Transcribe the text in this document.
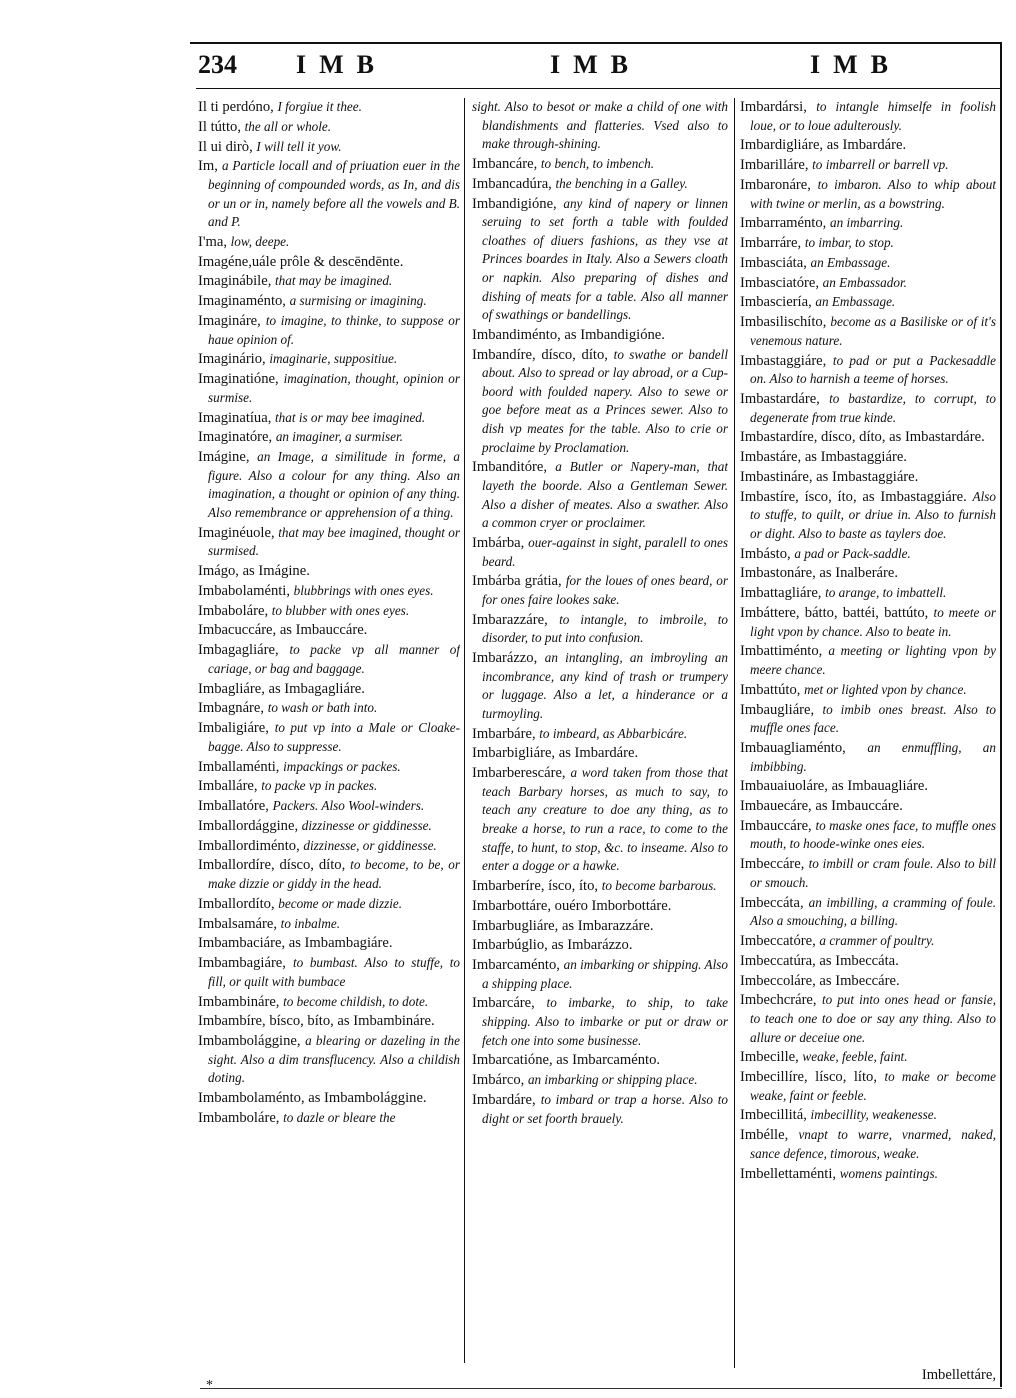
234 IMB	IMB	IMB
Il ti perdóno, I forgiue it thee.
Il tútto, the all or whole.
Il ui dirò, I will tell it yow.
Im, a Particle locall and of priuation euer in the beginning of compounded words, as In, and dis or un or in, namely before all the vowels and B. and P.
I'ma, low, deepe.
Imagéne,uále prôle & descēndēnte.
Imaginábile, that may be imagined.
Imaginaménto, a surmising or imagining.
Imagináre, to imagine, to thinke, to suppose or haue opinion of.
Imaginário, imaginarie, suppositiue.
Imaginatióne, imagination, thought, opinion or surmise.
Imaginatíua, that is or may bee imagined.
Imaginatóre, an imaginer, a surmiser.
Imágine, an Image, a similitude in forme, a figure. Also a colour for any thing. Also an imagination, a thought or opinion of any thing. Also remembrance or apprehension of a thing.
Imaginéuole, that may bee imagined, thought or surmised.
Imágo, as Imágine.
Imbabolaménti, blubbrings with ones eyes.
Imbaboláre, to blubber with ones eyes.
Imbacuccáre, as Imbauccáre.
Imbagagliáre, to packe vp all manner of cariage, or bag and baggage.
Imbagliáre, as Imbagagliáre.
Imbagnáre, to wash or bath into.
Imbaligiáre, to put vp into a Male or Cloake-bagge. Also to suppresse.
Imballaménti, impackings or packes.
Imballáre, to packe vp in packes.
Imballatóre, Packers. Also Wool-winders.
Imballordággine, dizzinesse or giddinesse.
Imballordiménto, dizzinesse, or giddinesse.
Imballordíre, dísco, díto, to become, to be, or make dizzie or giddy in the head.
Imballordíto, become or made dizzie.
Imbalsamáre, to inbalme.
Imbambaciáre, as Imbambagiáre.
Imbambagiáre, to bumbast. Also to stuffe, to fill, or quilt with bumbace
Imbambináre, to become childish, to dote.
Imbambíre, bísco, bíto, as Imbambináre.
Imbambolággine, a blearing or dazeling in the sight. Also a dim transflucency. Also a childish doting.
Imbambolaménto, as Imbambolággine.
Imbamboláre, to dazle or bleare the
sight. Also to besot or make a child of one with blandishments and flatteries. Vsed also to make through-shining.
Imbancáre, to bench, to imbench.
Imbancadúra, the benching in a Galley.
Imbandigióne, any kind of napery or linnen seruing to set forth a table with foulded cloathes of diuers fashions, as they vse at Princes boardes in Italy. Also a Sewers cloath or napkin. Also preparing of dishes and dishing of meats for a table. Also all manner of swathings or bandellings.
Imbandiménto, as Imbandigióne.
Imbandíre, dísco, díto, to swathe or bandell about. Also to spread or lay abroad, or a Cup-boord with foulded napery. Also to sewe or goe before meat as a Princes sewer. Also to dish vp meates for the table. Also to crie or proclaime by Proclamation.
Imbanditóre, a Butler or Napery-man, that layeth the boorde. Also a Gentleman Sewer. Also a disher of meates. Also a swather. Also a common cryer or proclaimer.
Imbárba, ouer-against in sight, paralell to ones beard.
Imbárba grátia, for the loues of ones beard, or for ones faire lookes sake.
Imbarazzáre, to intangle, to imbroile, to disorder, to put into confusion.
Imbarázzo, an intangling, an imbroyling an incombrance, any kind of trash or trumpery or luggage. Also a let, a hinderance or a turmoyling.
Imbarbáre, to imbeard, as Abbarbicáre.
Imbarbigliáre, as Imbardáre.
Imbarberescáre, a word taken from those that teach Barbary horses, as much to say, to teach any creature to doe any thing, as to breake a horse, to run a race, to come to the staffe, to hunt, to stop, &c. to inseame. Also to enter a dogge or a hawke.
Imbarberíre, ísco, íto, to become barbarous.
Imbarbottáre, ouéro Imborbottáre.
Imbarbugliáre, as Imbarazzáre.
Imbarbúglio, as Imbarázzo.
Imbarcaménto, an imbarking or shipping. Also a shipping place.
Imbarcáre, to imbarke, to ship, to take shipping. Also to imbarke or put or draw or fetch one into some businesse.
Imbarcatióne, as Imbarcaménto.
Imbárco, an imbarking or shipping place.
Imbardáre, to imbard or trap a horse. Also to dight or set foorth brauely.
Imbardársi, to intangle himselfe in foolish loue, or to loue adulterously.
Imbardigliáre, as Imbardáre.
Imbarilláre, to imbarrell or barrell vp.
Imbaronáre, to imbaron. Also to whip about with twine or merlin, as a bowstring.
Imbarraménto, an imbarring.
Imbarráre, to imbar, to stop.
Imbasciáta, an Embassage.
Imbasciatóre, an Embassador.
Imbasciería, an Embassage.
Imbasilischíto, become as a Basiliske or of it's venemous nature.
Imbastaggiáre, to pad or put a Packesaddle on. Also to harnish a teeme of horses.
Imbastardáre, to bastardize, to corrupt, to degenerate from true kinde.
Imbastardíre, dísco, díto, as Imbastardáre.
Imbastáre, as Imbastaggiáre.
Imbastináre, as Imbastaggiáre.
Imbastíre, ísco, íto, as Imbastaggiáre. Also to stuffe, to quilt, or driue in. Also to furnish or dight. Also to baste as taylers doe.
Imbásto, a pad or Pack-saddle.
Imbastonáre, as Inalberáre.
Imbattagliáre, to arange, to imbattell.
Imbáttere, bátto, battéi, battúto, to meete or light vpon by chance. Also to beate in.
Imbattiménto, a meeting or lighting vpon by meere chance.
Imbattúto, met or lighted vpon by chance.
Imbaugliáre, to imbib ones breast. Also to muffle ones face.
Imbauagliaménto, an enmuffling, an imbibbing.
Imbauaiuoláre, as Imbauagliáre.
Imbauecáre, as Imbauccáre.
Imbauccáre, to maske ones face, to muffle ones mouth, to hoode-winke ones eies.
Imbeccáre, to imbill or cram foule. Also to bill or smouch.
Imbeccáta, an imbilling, a cramming of foule. Also a smouching, a billing.
Imbeccatóre, a crammer of poultry.
Imbeccatúra, as Imbeccáta.
Imbeccoláre, as Imbeccáre.
Imbechcráre, to put into ones head or fansie, to teach one to doe or say any thing. Also to allure or deceiue one.
Imbecille, weake, feeble, faint.
Imbecillíre, lísco, líto, to make or become weake, faint or feeble.
Imbecillitá, imbecillity, weakenesse.
Imbélle, vnapt to warre, vnarmed, naked, sance defence, timorous, weake.
Imbellettaménti, womens paintings.
Imbellettáre,
*
